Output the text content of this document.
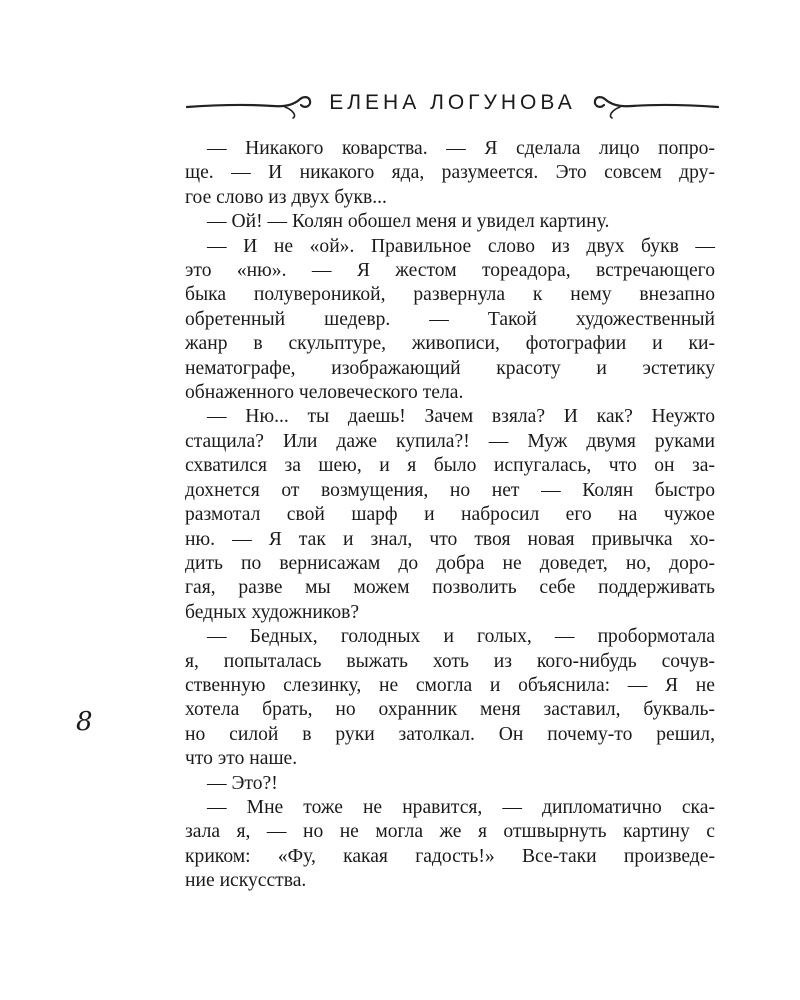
ЕЛЕНА ЛОГУНОВА
— Никакого коварства. — Я сделала лицо попро-
ще. — И никакого яда, разумеется. Это совсем дру-
гое слово из двух букв...
— Ой! — Колян обошел меня и увидел картину.
— И не «ой». Правильное слово из двух букв —
это «ню». — Я жестом тореадора, встречающего
быка полувероникой, развернула к нему внезапно
обретенный шедевр. — Такой художественный
жанр в скульптуре, живописи, фотографии и ки-
нематографе, изображающий красоту и эстетику
обнаженного человеческого тела.
— Ню... ты даешь! Зачем взяла? И как? Неужто
стащила? Или даже купила?! — Муж двумя руками
схватился за шею, и я было испугалась, что он за-
дохнется от возмущения, но нет — Колян быстро
размотал свой шарф и набросил его на чужое
ню. — Я так и знал, что твоя новая привычка хо-
дить по вернисажам до добра не доведет, но, доро-
гая, разве мы можем позволить себе поддерживать
бедных художников?
— Бедных, голодных и голых, — пробормотала
я, попыталась выжать хоть из кого-нибудь сочув-
ственную слезинку, не смогла и объяснила: — Я не
хотела брать, но охранник меня заставил, букваль-
но силой в руки затолкал. Он почему-то решил,
что это наше.
— Это?!
— Мне тоже не нравится, — дипломатично ска-
зала я, — но не могла же я отшвырнуть картину с
криком: «Фу, какая гадость!» Все-таки произведе-
ние искусства.
8
